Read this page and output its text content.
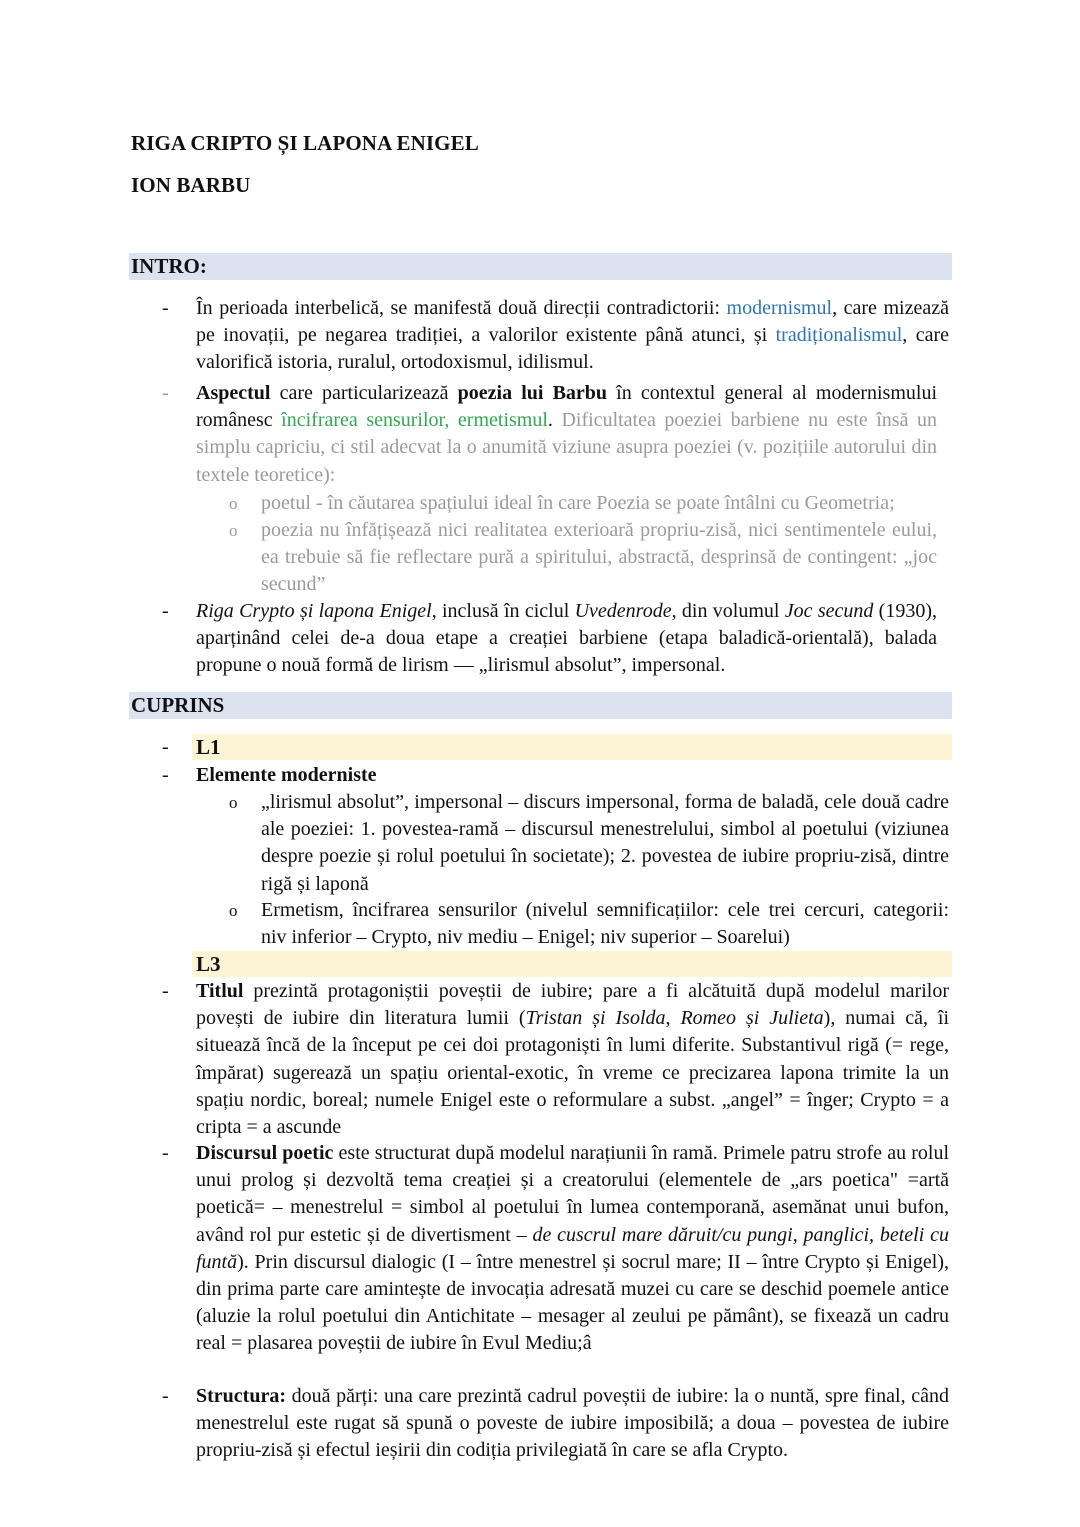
RIGA CRIPTO ȘI LAPONA ENIGEL
ION BARBU
INTRO:
- În perioada interbelică, se manifestă două direcții contradictorii: modernismul, care mizează pe inovații, pe negarea tradiției, a valorilor existente până atunci, și tradiționalismul, care valorifică istoria, ruralul, ortodoxismul, idilismul.
- Aspectul care particularizează poezia lui Barbu în contextul general al modernismului românesc încifrarea sensurilor, ermetismul. Dificultatea poeziei barbiene nu este însă un simplu capriciu, ci stil adecvat la o anumită viziune asupra poeziei (v. pozițiile autorului din textele teoretice):
o poetul - în căutarea spațiului ideal în care Poezia se poate întâlni cu Geometria;
o poezia nu înfățișează nici realitatea exterioară propriu-zisă, nici sentimentele eului, ea trebuie să fie reflectare pură a spiritului, abstractă, desprinsă de contingent: „joc secund”
- Riga Crypto și lapona Enigel, inclusă în ciclul Uvedenrode, din volumul Joc secund (1930), aparținând celei de-a doua etape a creației barbiene (etapa baladică-orientală), balada propune o nouă formă de lirism — „lirismul absolut”, impersonal.
CUPRINS
- L1
- Elemente moderniste
o „lirismul absolut”, impersonal – discurs impersonal, forma de baladă, cele două cadre ale poeziei: 1. povestea-ramă – discursul menestrelului, simbol al poetului (viziunea despre poezie și rolul poetului în societate); 2. povestea de iubire propriu-zisă, dintre rigă și laponă
o Ermetism, încifrarea sensurilor (nivelul semnificațiilor: cele trei cercuri, categorii: niv inferior – Crypto, niv mediu – Enigel; niv superior – Soarelui)
L3
- Titlul prezintă protagoniștii poveștii de iubire; pare a fi alcătuită după modelul marilor povești de iubire din literatura lumii (Tristan și Isolda, Romeo și Julieta), numai că, îi situează încă de la început pe cei doi protagoniști în lumi diferite. Substantivul rigă (= rege, împărat) sugerează un spațiu oriental-exotic, în vreme ce precizarea lapona trimite la un spațiu nordic, boreal; numele Enigel este o reformulare a subst. „angel” = înger; Crypto = a cripta = a ascunde
- Discursul poetic este structurat după modelul narațiunii în ramă. Primele patru strofe au rolul unui prolog și dezvoltă tema creației și a creatorului (elementele de „ars poetica" =artă poetică= – menestrelul = simbol al poetului în lumea contemporană, asemănat unui bufon, având rol pur estetic și de divertisment – de cuscrul mare dăruit/cu pungi, panglici, beteli cu funtă). Prin discursul dialogic (I – între menestrel și socrul mare; II – între Crypto și Enigel), din prima parte care amintește de invocația adresată muzei cu care se deschid poemele antice (aluzie la rolul poetului din Antichitate – mesager al zeului pe pământ), se fixează un cadru real = plasarea poveștii de iubire în Evul Mediu;â
- Structura: două părți: una care prezintă cadrul poveștii de iubire: la o nuntă, spre final, când menestrelul este rugat să spună o poveste de iubire imposibilă; a doua – povestea de iubire propriu-zisă și efectul ieșirii din codiția privilegiată în care se afla Crypto.
